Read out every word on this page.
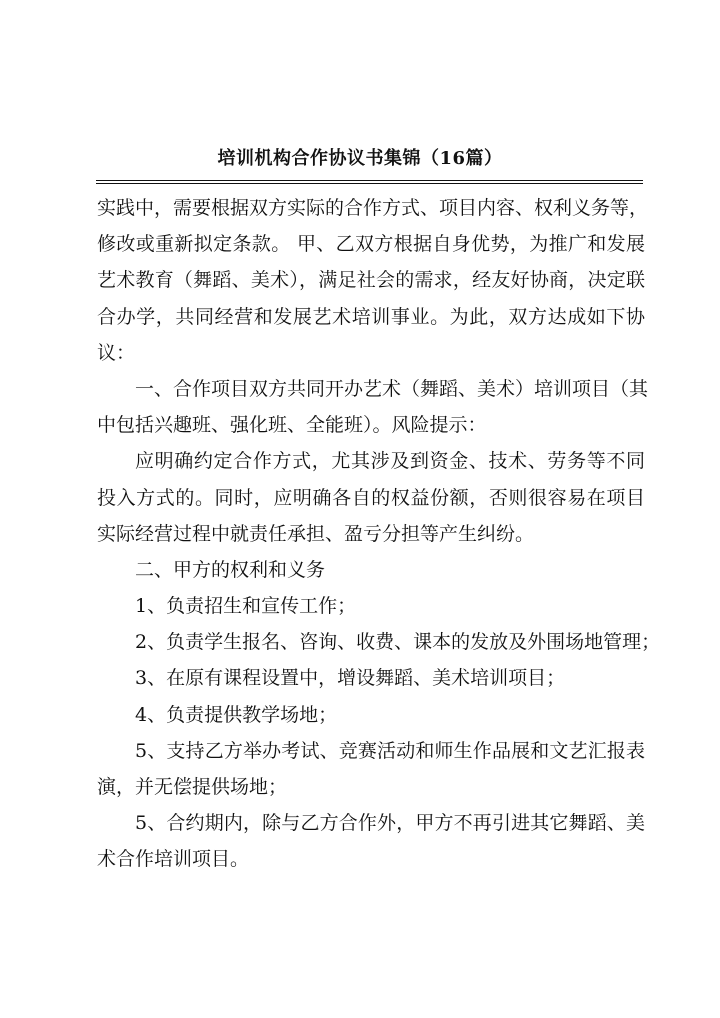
培训机构合作协议书集锦（16篇）
实践中，需要根据双方实际的合作方式、项目内容、权利义务等，
修改或重新拟定条款。 甲、乙双方根据自身优势，为推广和发展
艺术教育（舞蹈、美术），满足社会的需求，经友好协商，决定联
合办学，共同经营和发展艺术培训事业。为此，双方达成如下协
议：
一、合作项目双方共同开办艺术（舞蹈、美术）培训项目（其
中包括兴趣班、强化班、全能班）。风险提示：
应明确约定合作方式，尤其涉及到资金、技术、劳务等不同
投入方式的。同时，应明确各自的权益份额，否则很容易在项目
实际经营过程中就责任承担、盈亏分担等产生纠纷。
二、甲方的权利和义务
1、负责招生和宣传工作；
2、负责学生报名、咨询、收费、课本的发放及外围场地管理；
3、在原有课程设置中，增设舞蹈、美术培训项目；
4、负责提供教学场地；
5、支持乙方举办考试、竞赛活动和师生作品展和文艺汇报表
演，并无偿提供场地；
5、合约期内，除与乙方合作外，甲方不再引进其它舞蹈、美
术合作培训项目。
